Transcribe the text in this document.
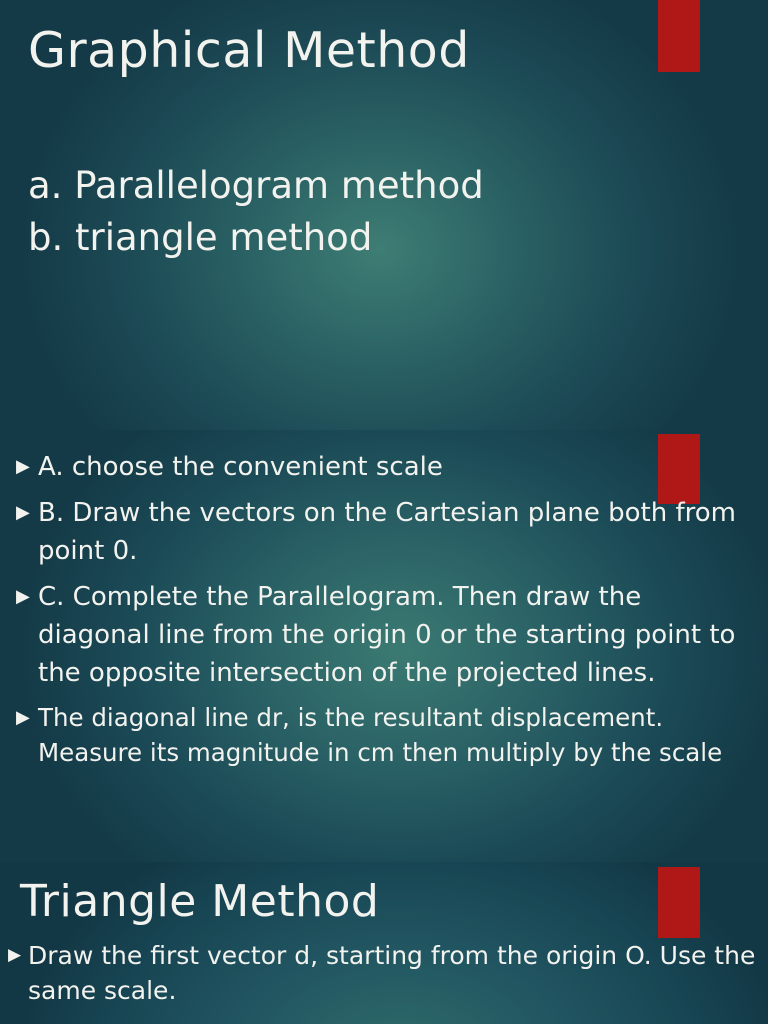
Graphical Method
a. Parallelogram method
b. triangle method
▶ A. choose the convenient scale
▶ B. Draw the vectors on the Cartesian plane both from point 0.
▶ C. Complete the Parallelogram. Then draw the diagonal line from the origin 0 or the starting point to the opposite intersection of the projected lines.
▶ The diagonal line dr, is the resultant displacement. Measure its magnitude in cm then multiply by the scale
Triangle Method
▶ Draw the first vector d, starting from the origin O. Use the same scale.
